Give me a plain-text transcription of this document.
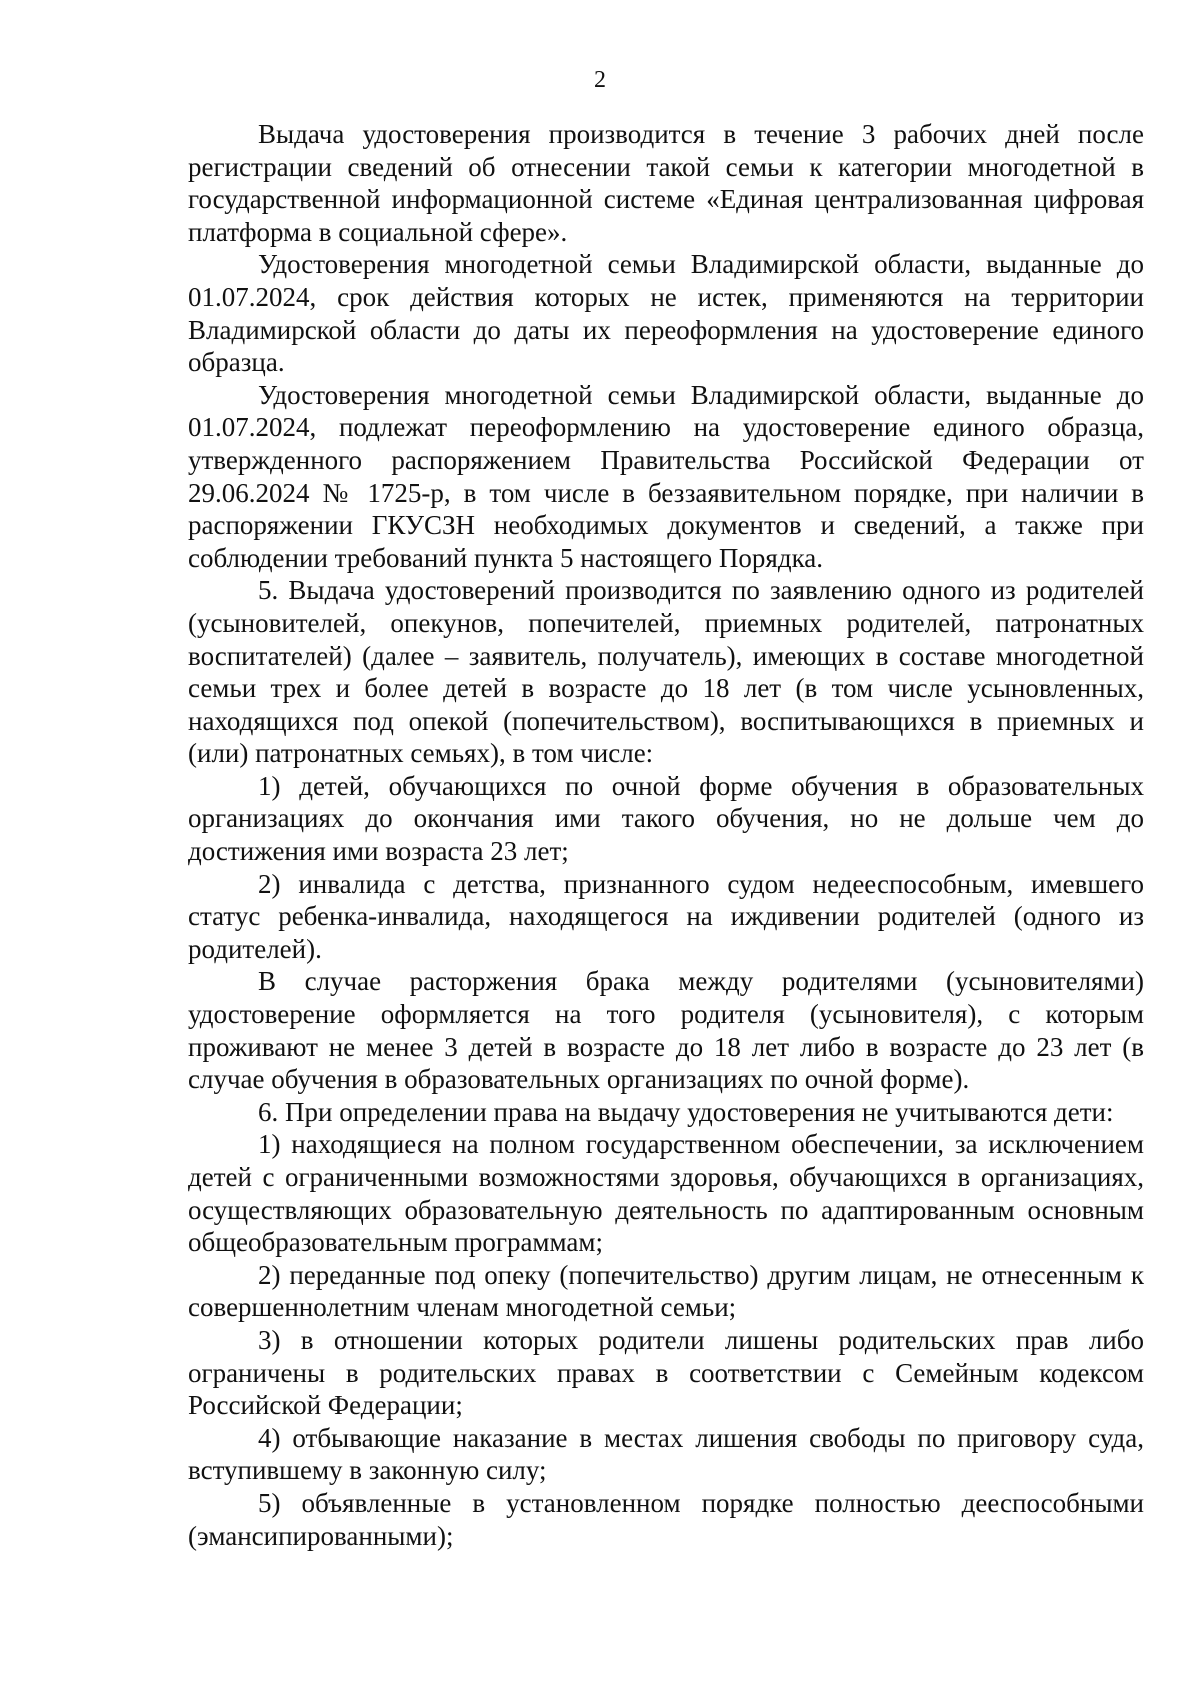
2

Выдача удостоверения производится в течение 3 рабочих дней после регистрации сведений об отнесении такой семьи к категории многодетной в государственной информационной системе «Единая централизованная цифровая платформа в социальной сфере».

Удостоверения многодетной семьи Владимирской области, выданные до 01.07.2024, срок действия которых не истек, применяются на территории Владимирской области до даты их переоформления на удостоверение единого образца.

Удостоверения многодетной семьи Владимирской области, выданные до 01.07.2024, подлежат переоформлению на удостоверение единого образца, утвержденного распоряжением Правительства Российской Федерации от 29.06.2024 № 1725-р, в том числе в беззаявительном порядке, при наличии в распоряжении ГКУСЗН необходимых документов и сведений, а также при соблюдении требований пункта 5 настоящего Порядка.

5. Выдача удостоверений производится по заявлению одного из родителей (усыновителей, опекунов, попечителей, приемных родителей, патронатных воспитателей) (далее – заявитель, получатель), имеющих в составе многодетной семьи трех и более детей в возрасте до 18 лет (в том числе усыновленных, находящихся под опекой (попечительством), воспитывающихся в приемных и (или) патронатных семьях), в том числе:

1) детей, обучающихся по очной форме обучения в образовательных организациях до окончания ими такого обучения, но не дольше чем до достижения ими возраста 23 лет;

2) инвалида с детства, признанного судом недееспособным, имевшего статус ребенка-инвалида, находящегося на иждивении родителей (одного из родителей).

В случае расторжения брака между родителями (усыновителями) удостоверение оформляется на того родителя (усыновителя), с которым проживают не менее 3 детей в возрасте до 18 лет либо в возрасте до 23 лет (в случае обучения в образовательных организациях по очной форме).

6. При определении права на выдачу удостоверения не учитываются дети:

1) находящиеся на полном государственном обеспечении, за исключением детей с ограниченными возможностями здоровья, обучающихся в организациях, осуществляющих образовательную деятельность по адаптированным основным общеобразовательным программам;

2) переданные под опеку (попечительство) другим лицам, не отнесенным к совершеннолетним членам многодетной семьи;

3) в отношении которых родители лишены родительских прав либо ограничены в родительских правах в соответствии с Семейным кодексом Российской Федерации;

4) отбывающие наказание в местах лишения свободы по приговору суда, вступившему в законную силу;

5) объявленные в установленном порядке полностью дееспособными (эмансипированными);
